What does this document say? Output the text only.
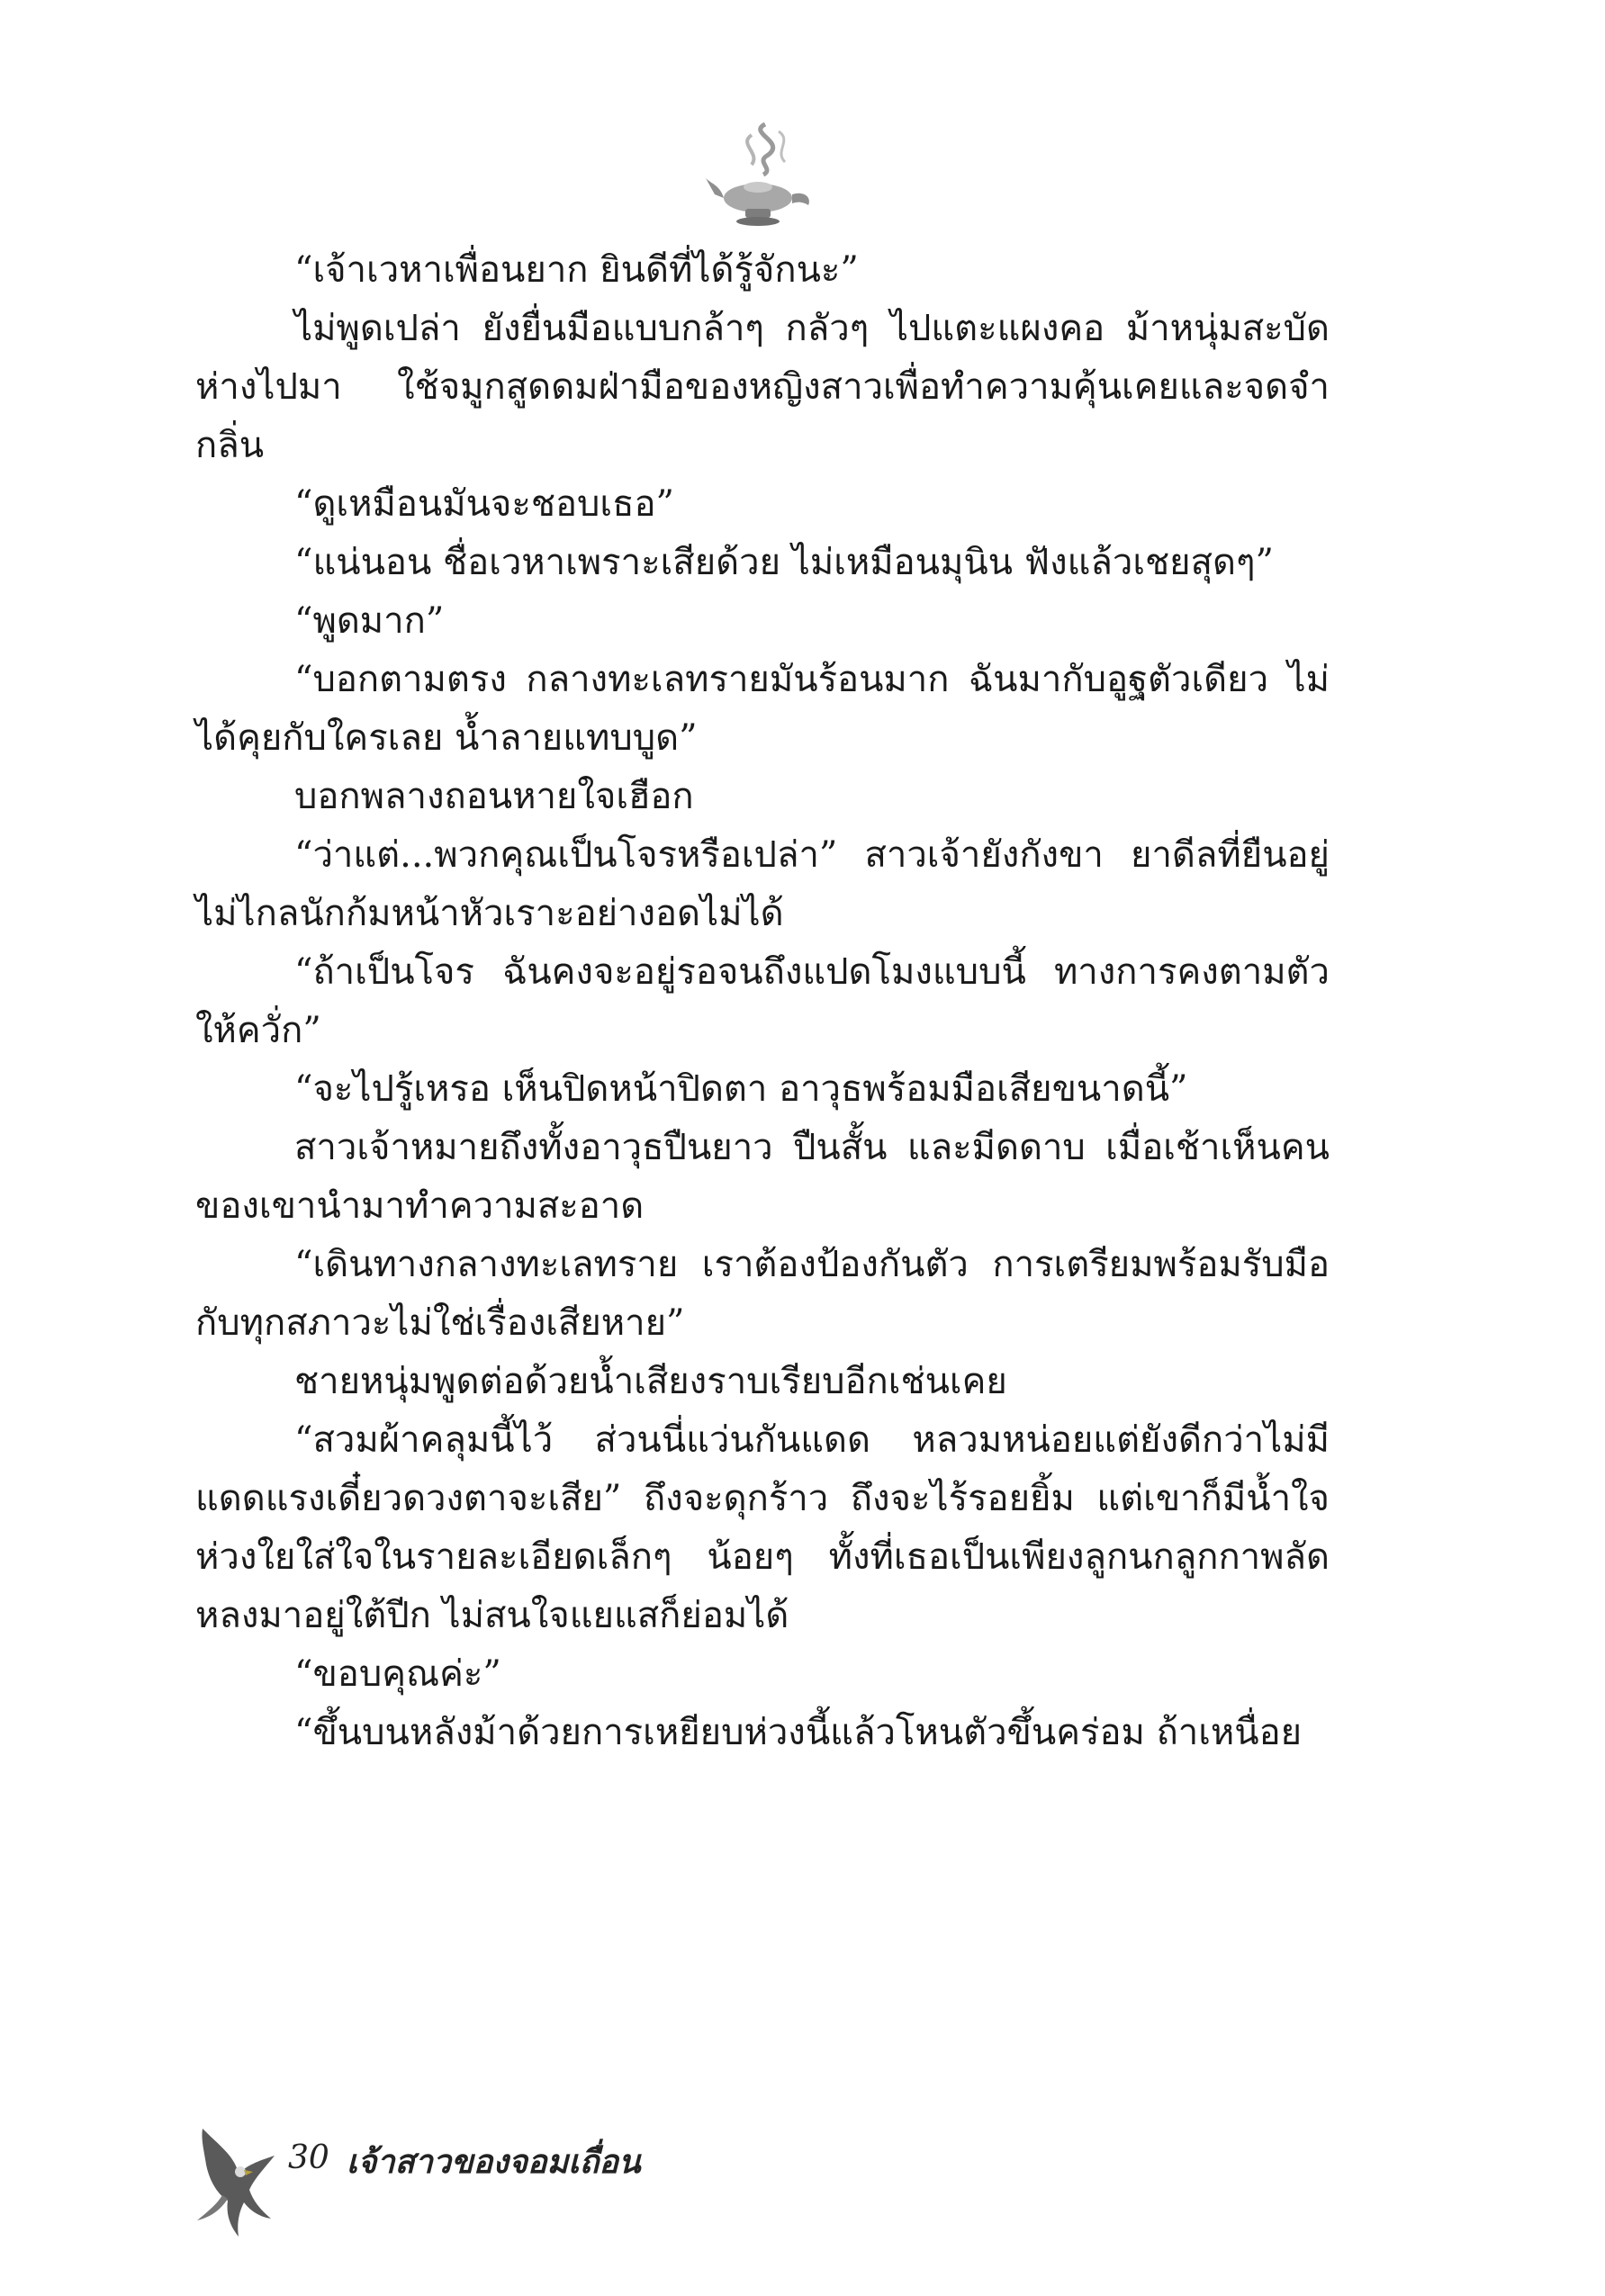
“เจ้าเวหาเพื่อนยาก ยินดีที่ได้รู้จักนะ”

ไม่พูดเปล่า ยังยื่นมือแบบกล้าๆ กลัวๆ ไปแตะแผงคอ ม้าหนุ่มสะบัดห่างไปมา ใช้จมูกสูดดมฝ่ามือของหญิงสาวเพื่อทำความคุ้นเคยและจดจำกลิ่น

“ดูเหมือนมันจะชอบเธอ”

“แน่นอน ชื่อเวหาเพราะเสียด้วย ไม่เหมือนมุนิน ฟังแล้วเชยสุดๆ”

“พูดมาก”

“บอกตามตรง กลางทะเลทรายมันร้อนมาก ฉันมากับอูฐตัวเดียว ไม่ได้คุยกับใครเลย น้ำลายแทบบูด”

บอกพลางถอนหายใจเฮือก

“ว่าแต่...พวกคุณเป็นโจรหรือเปล่า” สาวเจ้ายังกังขา ยาดีลที่ยืนอยู่ไม่ไกลนักก้มหน้าหัวเราะอย่างอดไม่ได้

“ถ้าเป็นโจร ฉันคงจะอยู่รอจนถึงแปดโมงแบบนี้ ทางการคงตามตัวให้ควั่ก”

“จะไปรู้เหรอ เห็นปิดหน้าปิดตา อาวุธพร้อมมือเสียขนาดนี้”

สาวเจ้าหมายถึงทั้งอาวุธปืนยาว ปืนสั้น และมีดดาบ เมื่อเช้าเห็นคนของเขานำมาทำความสะอาด

“เดินทางกลางทะเลทราย เราต้องป้องกันตัว การเตรียมพร้อมรับมือกับทุกสภาวะไม่ใช่เรื่องเสียหาย”

ชายหนุ่มพูดต่อด้วยน้ำเสียงราบเรียบอีกเช่นเคย

“สวมผ้าคลุมนี้ไว้ ส่วนนี่แว่นกันแดด หลวมหน่อยแต่ยังดีกว่าไม่มี แดดแรงเดี๋ยวดวงตาจะเสีย” ถึงจะดุกร้าว ถึงจะไร้รอยยิ้ม แต่เขาก็มีน้ำใจห่วงใยใส่ใจในรายละเอียดเล็กๆ น้อยๆ ทั้งที่เธอเป็นเพียงลูกนกลูกกาพลัดหลงมาอยู่ใต้ปีก ไม่สนใจแยแสก็ย่อมได้

“ขอบคุณค่ะ”

“ขึ้นบนหลังม้าด้วยการเหยียบห่วงนี้แล้วโหนตัวขึ้นคร่อม ถ้าเหนื่อย

30 เจ้าสาวของจอมเถื่อน
